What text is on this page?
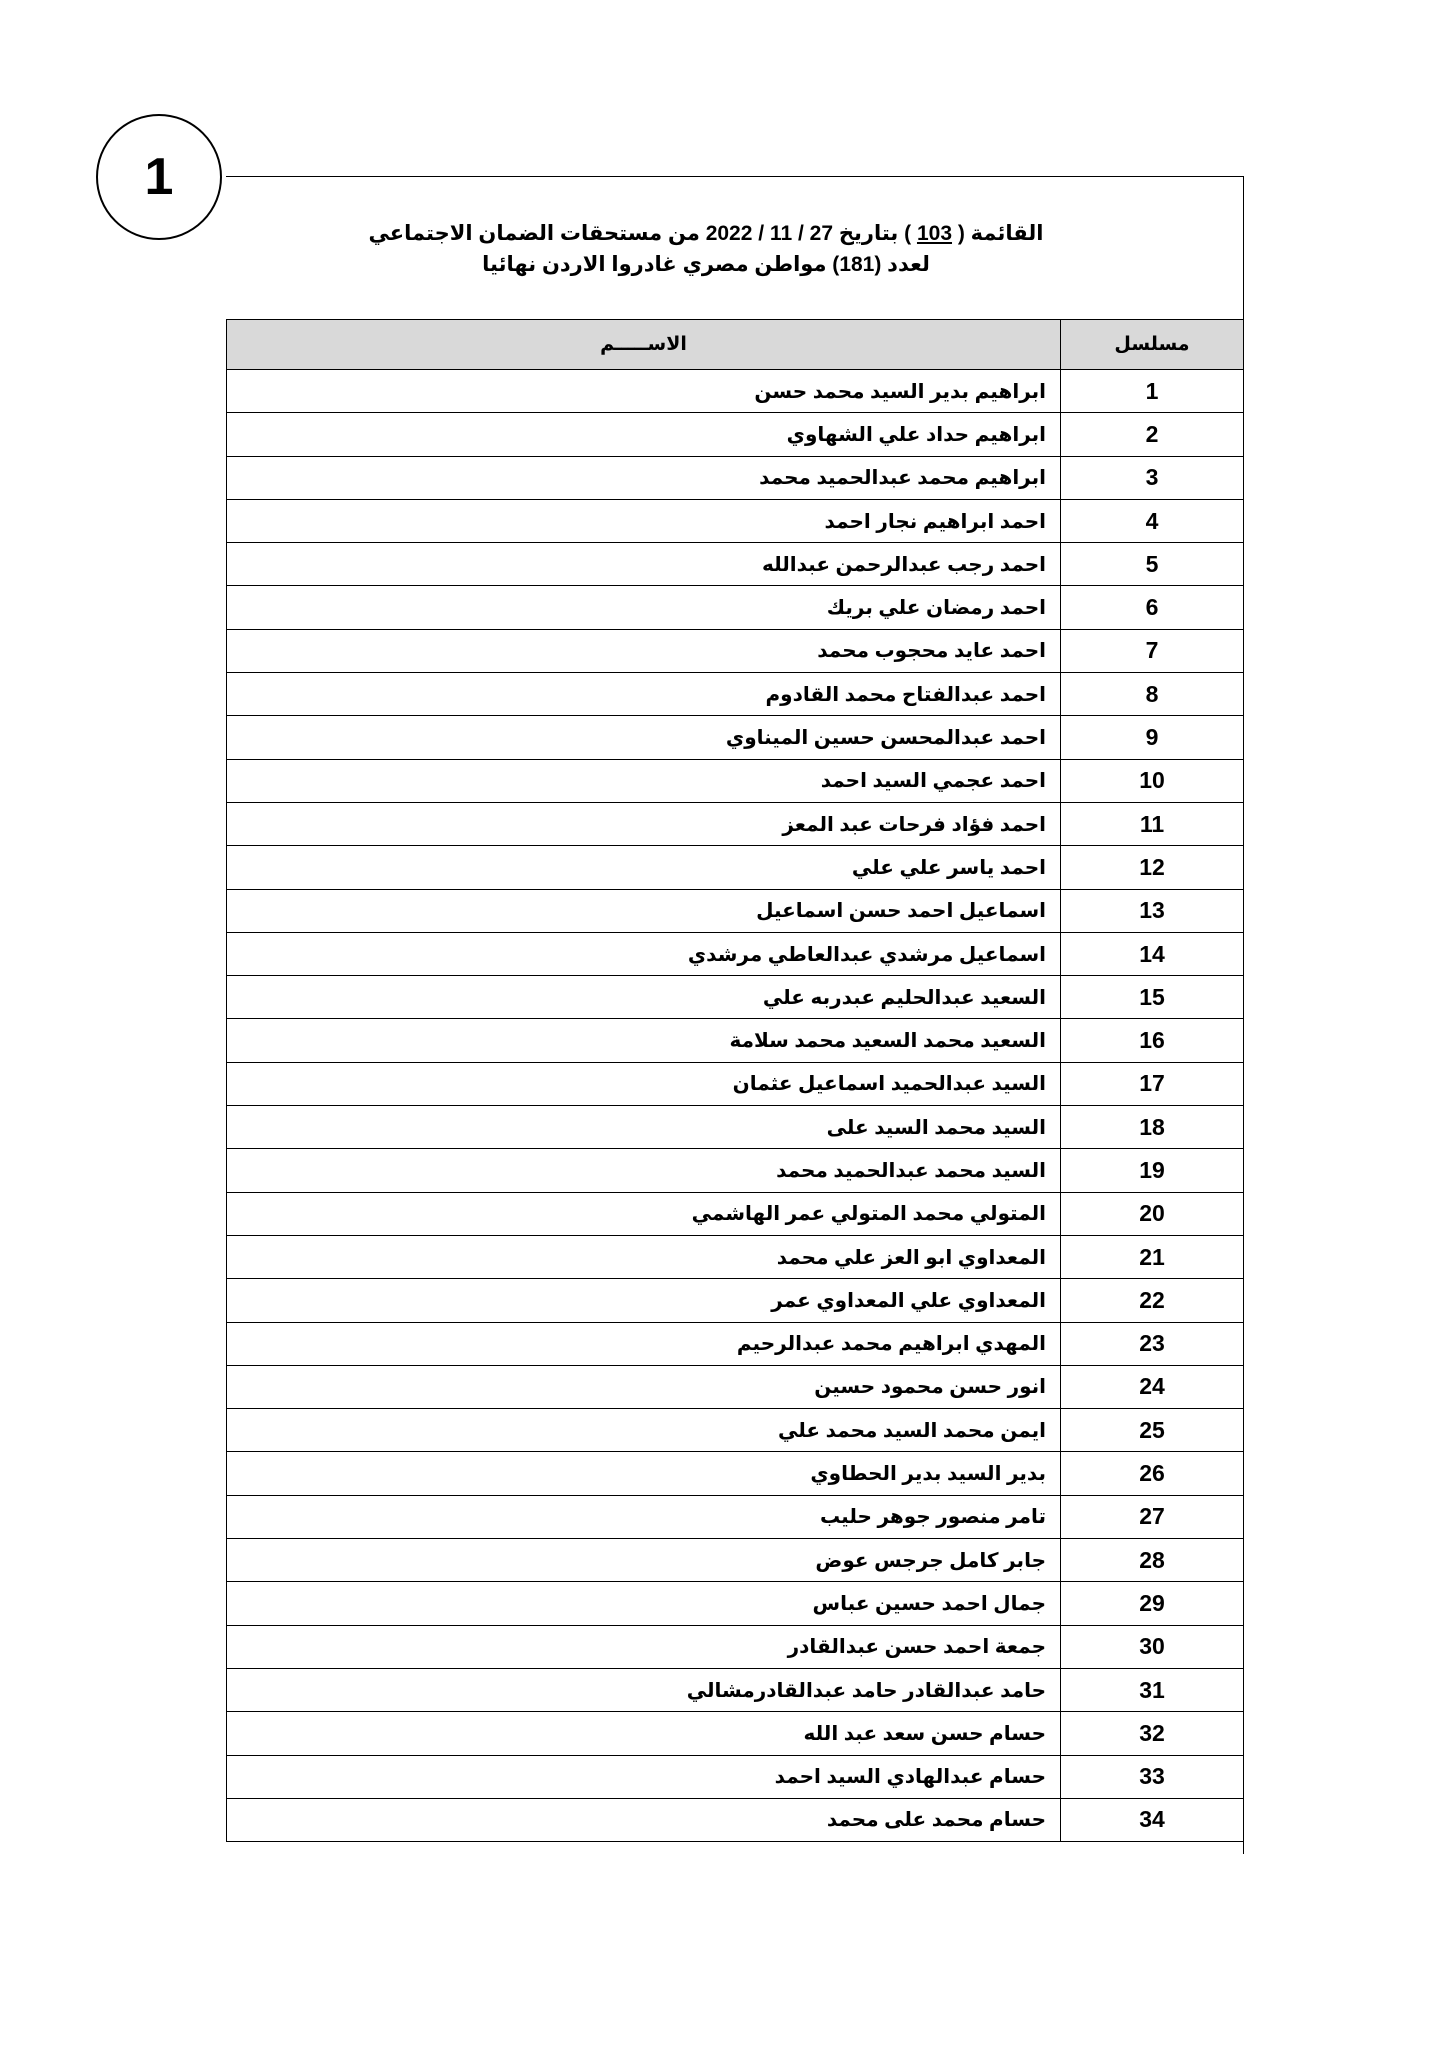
1
القائمة ( 103 ) بتاريخ 27 / 11 / 2022 من مستحقات الضمان الاجتماعي
لعدد (181) مواطن مصري غادروا الاردن نهائيا
مسلسل	الاســـــم
1	ابراهيم بدير السيد محمد حسن
2	ابراهيم حداد علي الشهاوي
3	ابراهيم محمد عبدالحميد محمد
4	احمد ابراهيم نجار احمد
5	احمد رجب عبدالرحمن عبدالله
6	احمد رمضان علي بريك
7	احمد عايد محجوب محمد
8	احمد عبدالفتاح محمد القادوم
9	احمد عبدالمحسن حسين الميناوي
10	احمد عجمي السيد احمد
11	احمد فؤاد فرحات عبد المعز
12	احمد ياسر علي علي
13	اسماعيل احمد حسن اسماعيل
14	اسماعيل مرشدي عبدالعاطي مرشدي
15	السعيد عبدالحليم عبدربه علي
16	السعيد محمد السعيد محمد سلامة
17	السيد عبدالحميد اسماعيل عثمان
18	السيد محمد السيد على
19	السيد محمد عبدالحميد محمد
20	المتولي محمد المتولي عمر الهاشمي
21	المعداوي ابو العز علي محمد
22	المعداوي علي المعداوي عمر
23	المهدي ابراهيم محمد عبدالرحيم
24	انور حسن محمود حسين
25	ايمن محمد السيد محمد علي
26	بدير السيد بدير الحطاوي
27	تامر منصور جوهر حليب
28	جابر كامل جرجس عوض
29	جمال احمد حسين عباس
30	جمعة احمد حسن عبدالقادر
31	حامد عبدالقادر حامد عبدالقادرمشالي
32	حسام حسن سعد عبد الله
33	حسام عبدالهادي السيد احمد
34	حسام محمد على محمد
